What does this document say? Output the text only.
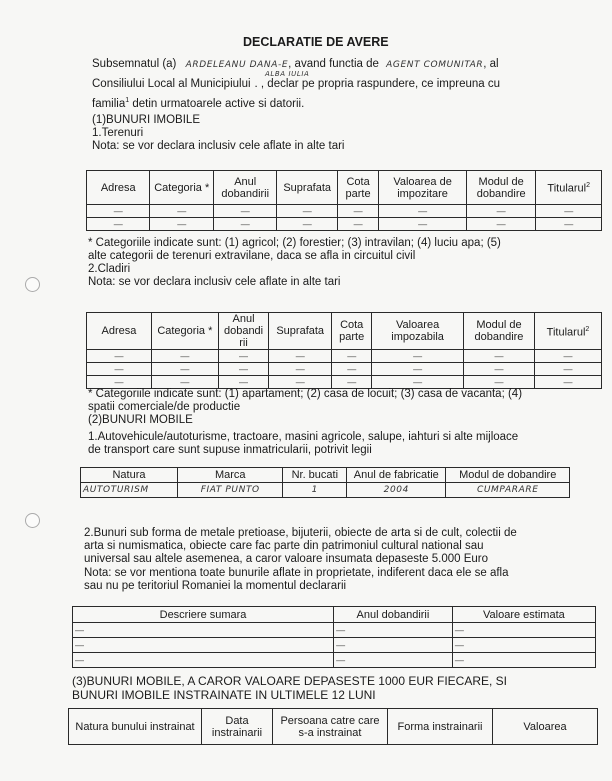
DECLARATIE DE AVERE
Subsemnatul (a) ARDELEANU DANA-E, avand functia de AGENT COMUNITAR, al
ALBA IULIA
Consiliului Local al Municipiului . , declar pe propria raspundere, ce impreuna cu
familia$^1$ detin urmatoarele active si datorii.
(1)BUNURI IMOBILE
1.Terenuri
Nota: se vor declara inclusiv cele aflate in alte tari
Adresa	Categoria *	Anul dobandirii	Suprafata	Cota parte	Valoarea de impozitare	Modul de dobandire	Titularul$^2$
—	—	—	—	—	—	—	—
—	—	—	—	—	—	—	—
* Categoriile indicate sunt: (1) agricol; (2) forestier; (3) intravilan; (4) luciu apa; (5)
alte categorii de terenuri extravilane, daca se afla in circuitul civil
2.Cladiri
Nota: se vor declara inclusiv cele aflate in alte tari
Adresa	Categoria *	Anul dobandi rii	Suprafata	Cota parte	Valoarea impozabila	Modul de dobandire	Titularul$^2$
—	—	—	—	—	—	—	—
—	—	—	—	—	—	—	—
—	—	—	—	—	—	—	—
* Categoriile indicate sunt: (1) apartament; (2) casa de locuit; (3) casa de vacanta; (4)
spatii comerciale/de productie
(2)BUNURI MOBILE
1.Autovehicule/autoturisme, tractoare, masini agricole, salupe, iahturi si alte mijloace
de transport care sunt supuse inmatricularii, potrivit legii
Natura	Marca	Nr. bucati	Anul de fabricatie	Modul de dobandire
AUTOTURISM	FIAT PUNTO	1	2004	CUMPARARE
2.Bunuri sub forma de metale pretioase, bijuterii, obiecte de arta si de cult, colectii de
arta si numismatica, obiecte care fac parte din patrimoniul cultural national sau
universal sau altele asemenea, a caror valoare insumata depaseste 5.000 Euro
Nota: se vor mentiona toate bunurile aflate in proprietate, indiferent daca ele se afla
sau nu pe teritoriul Romaniei la momentul declararii
Descriere sumara	Anul dobandirii	Valoare estimata
—	—	—
—	—	—
—	—	—
(3)BUNURI MOBILE, A CAROR VALOARE DEPASESTE 1000 EUR FIECARE, SI
BUNURI IMOBILE INSTRAINATE IN ULTIMELE 12 LUNI
Natura bunului instrainat	Data instrainarii	Persoana catre care s-a instrainat	Forma instrainarii	Valoarea
